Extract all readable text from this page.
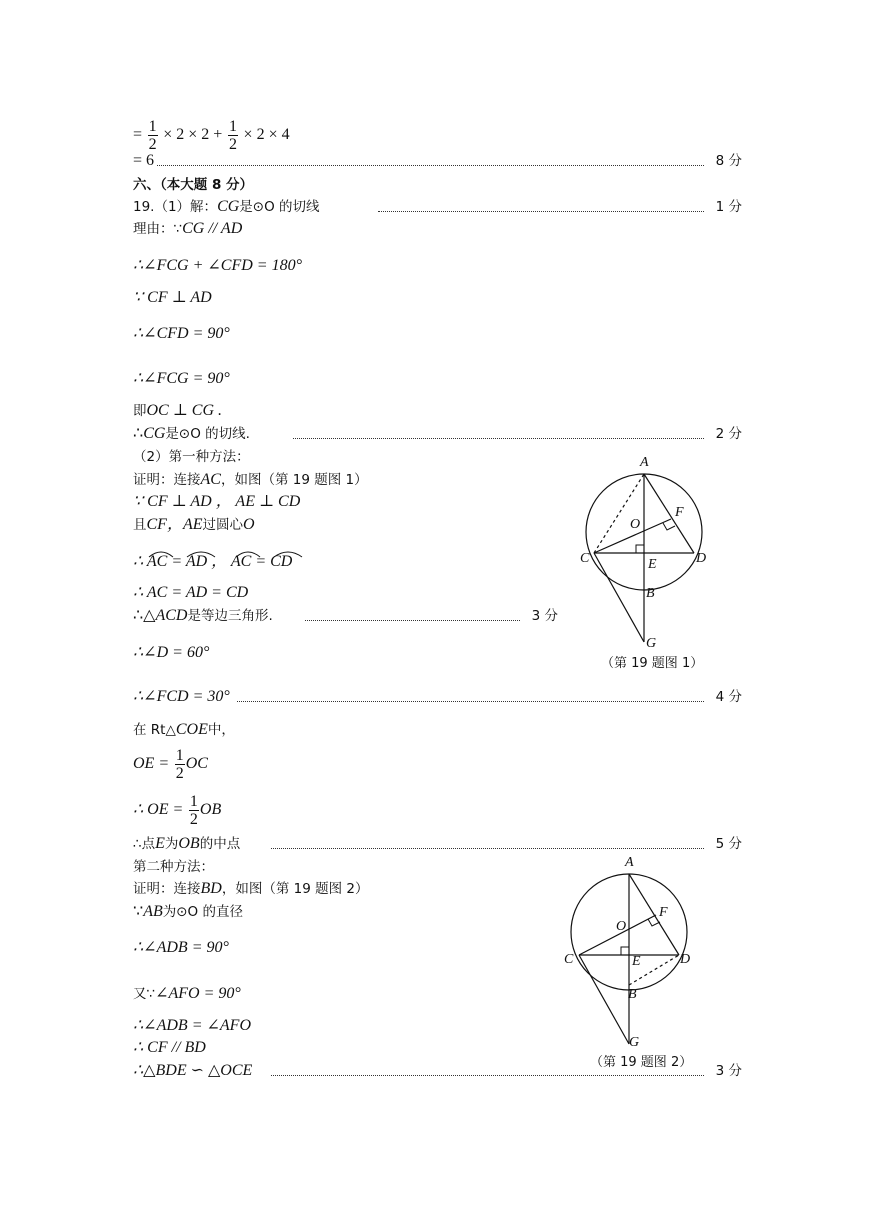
= $\frac{1}{2} \times 2 \times 2 + \frac{1}{2} \times 2 \times 4$
= 6	8 分
六、（本大题 8 分）
19.（1）解：CG是⊙O 的切线	1 分
理由：∵CG // AD
∴∠FCG + ∠CFD = 180°
∵ CF ⊥ AD
∴∠CFD = 90°
∴∠FCG = 90°
即OC ⊥ CG .
∴CG是⊙O 的切线.	2 分
（2）第一种方法：
证明：连接AC，如图（第 19 题图 1）
∵ CF ⊥ AD ， AE ⊥ CD
且CF，AE过圆心O
∴ AC = AD ， AC = CD
∴ AC = AD = CD
∴△ACD是等边三角形.	3 分
∴∠D = 60°
∴∠FCD = 30°	4 分
在 Rt△COE中，
OE = $\frac{1}{2}$ OC
∴ OE = $\frac{1}{2}$ OB
∴点E为OB的中点	5 分
第二种方法：
证明：连接BD，如图（第 19 题图 2）
∵AB为⊙O 的直径
∴∠ADB = 90°
又∵∠AFO = 90°
∴∠ADB = ∠AFO
∴ CF // BD
∴△BDE ∽ △OCE	3 分
A
F
O
C	E	D
B
G
（第 19 题图 1）
A
F
O
C	E	D
B
G
（第 19 题图 2）
